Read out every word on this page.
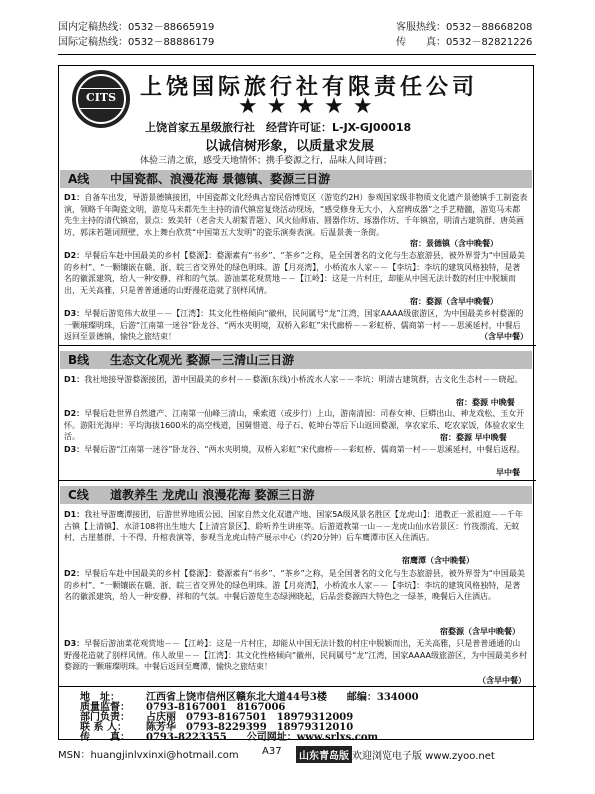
国内定稿热线：0532－88665919
国际定稿热线：0532－88886179
客服热线：0532－88668208
传　　真：0532－82821226
CITS	上饶国际旅行社有限责任公司
★★★★★
上饶首家五星级旅行社　经营许可证：L-JX-GJ00018
以诚信树形象，以质量求发展
体验三清之旅，感受天地情怀；携手婺源之行，品味人间诗画；
A线 中国瓷都、浪漫花海 景德镇、婺源三日游
D1：自备车出发，导游景德镇接团，中国瓷都文化经典古窑民俗博览区（游览约2H）参观国家级非物质文化遗产景德镇手工制瓷表演，领略千年陶瓷文明，游览马未都先生主持的清代镇窑复烧活动现场，“感受修身无大小，入窑辨成器”之手艺精髓，游览马未都先生主持的清代镇窑，景点：致美轩（老舍夫人胡絜青题）、风火仙师庙、圆器作坊、琢器作坊、千年镇窑，明清古建筑群、唐英画坊、郭沫若题词照壁、水上舞台欣赏“中国第五大发明”的瓷乐演奏表演。后温景袭一条街。
宿：景德镇（含中晚餐）
D2：早餐后车赴中国最美的乡村【婺源】：婺源素有“书乡”、“茶乡”之称，是全国著名的文化与生态旅游县，被外界誉为“中国最美的乡村”、“一颗镶嵌在赣、浙、皖三省交界处的绿色明珠。游【月亮湾】，小桥流水人家－－【李坑】：李坑的建筑风格独特，是著名的徽派建筑，给人一种安静、祥和的气氛。游油菜花观赏地－－【江岭】：这是一片村庄，却能从中国无法计数的村庄中脱颖而出，无关高雅，只是普普通通的山野漫花造就了别样风情。
宿：婺源（含早中晚餐）
D3：早餐后游览伟大故里－－【江湾】：其文化性格倾向“徽州，民间属号“龙”江湾，国家AAAA级旅游区，为中国最美乡村婺源的一颗璀璨明珠，后游“江南第一迷谷”卧龙谷、“两水夹明境，双桥入彩虹”宋代廊桥－－彩虹桥、儒商第一村－－思溪延村，中餐后返回至景德镇，愉快之旅结束！	（含早中餐）
B线 生态文化观光 婺源－三清山三日游
D1：我社地接导游婺源接团，游中国最美的乡村－－婺源(东线)小桥流水人家－－李坑：明清古建筑群，古文化生态村－－晓起。
宿：婺源 中晚餐
D2：早餐后赴世界自然遗产、江南第一仙峰三清山，乘索道（或步行）上山，游南清园：司春女神、巨蟒出山、神龙戏松、玉女开怀。游阳光海岸：平均海拔1600米的高空栈道，国舅惜道、母子石、乾坤台等后下山返回婺源，享农家乐、吃农家饭，体验农家生活。	宿：婺源 早中晚餐
D3：早餐后游“江南第一迷谷”卧龙谷、“两水夹明境，双桥入彩虹”宋代廊桥－－彩虹桥、儒商第一村－－思溪延村，中餐后返程。
早中餐
C线 道教养生 龙虎山 浪漫花海 婺源三日游
D1：我社导游鹰潭接团，后游世界地质公园、国家自然文化双遗产地、国家5A级风景名胜区【龙虎山】：道教正一派祖庭－－千年古镇【上清镇】、水浒108将出生地大【上清宫景区】、聆听养生讲座等。后游道教第一山－－龙虎山仙水岩景区：竹筏漂流、无蚊村、古崖墓群、十不得、升棺表演等，参观当龙虎山特产展示中心（约20分钟）后车鹰潭市区入住酒店。
宿鹰潭（含中晚餐）
D2：早餐后车赴中国最美的乡村【婺源】：婺源素有“书乡”、“茶乡”之称，是全国著名的文化与生态旅游县，被外界誉为“中国最美的乡村”、“一颗镶嵌在赣、浙、皖三省交界处的绿色明珠。游【月亮湾】，小桥流水人家－－【李坑】：李坑的建筑风格独特，是著名的徽派建筑，给人一种安静、祥和的气氛。中餐后游览生态绿洲晓起，后品尝婺源四大特色之一绿茶，晚餐后入住酒店。
宿婺源（含早中晚餐）
D3：早餐后游油菜花观赏地－－【江岭】：这是一片村庄，却能从中国无法计数的村庄中脱颖而出，无关高雅，只是普普通通的山野漫花造就了别样风情。伟人故里－－【江湾】：其文化性格倾向“徽州，民间属号“龙”江湾，国家AAAA级旅游区，为中国最美乡村婺源的一颗璀璨明珠。中餐后返回至鹰潭，愉快之旅结束！
（含早中餐）
地　址：	江西省上饶市信州区赣东北大道44号3楼　　邮编：334000
质量监督： 0793-8167001　8167006
部门负责： 占庆丽　0793-8167501　18979312009
联 系 人： 陈芳华　0793-8229399　18979312010
传　　真： 0793-8223355　　公司网址：www.srlxs.com
MSN：huangjinlvxinxi@hotmail.com A37	山东青岛版 欢迎浏览电子版 www.zyoo.net
